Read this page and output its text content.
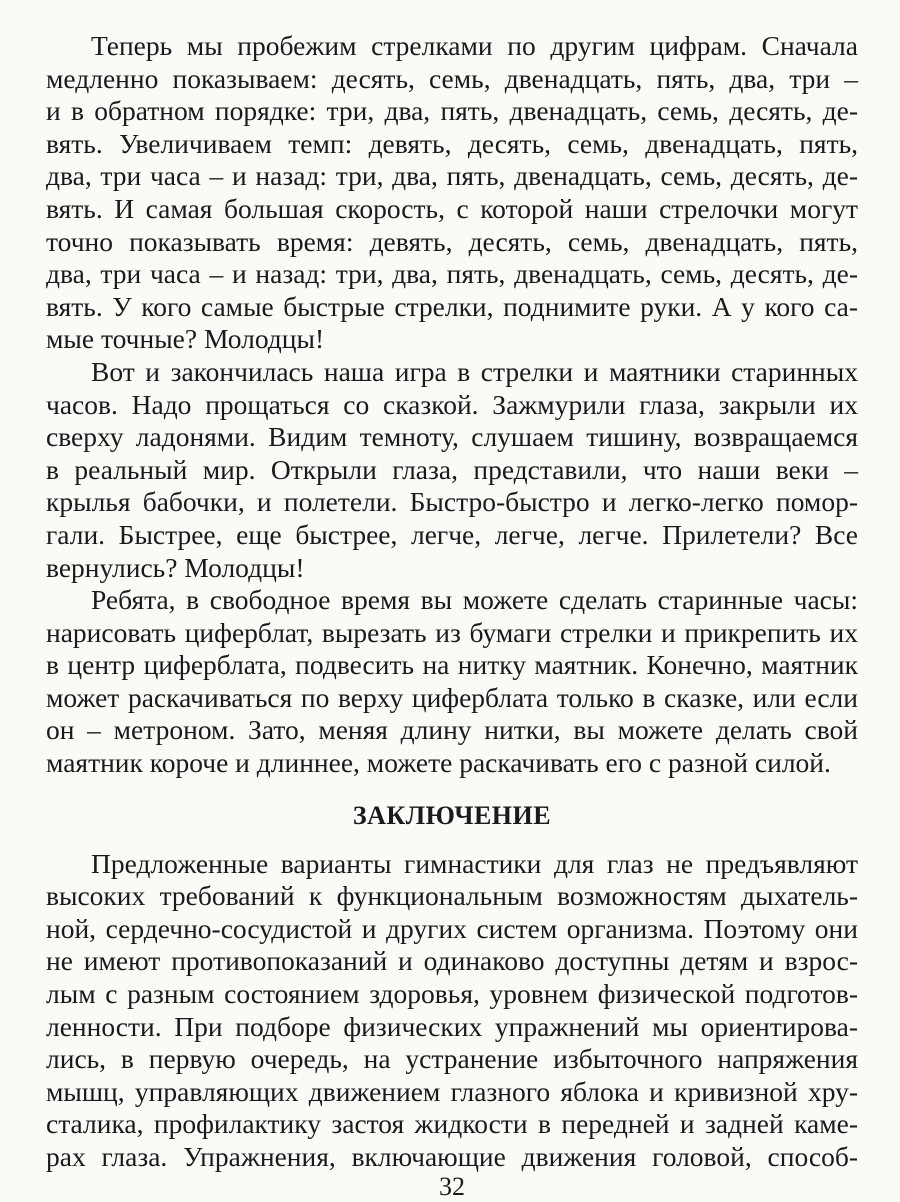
Теперь мы пробежим стрелками по другим цифрам. Сначала
медленно показываем: десять, семь, двенадцать, пять, два, три –
и в обратном порядке: три, два, пять, двенадцать, семь, десять, де-
вять. Увеличиваем темп: девять, десять, семь, двенадцать, пять,
два, три часа – и назад: три, два, пять, двенадцать, семь, десять, де-
вять. И самая большая скорость, с которой наши стрелочки могут
точно показывать время: девять, десять, семь, двенадцать, пять,
два, три часа – и назад: три, два, пять, двенадцать, семь, десять, де-
вять. У кого самые быстрые стрелки, поднимите руки. А у кого са-
мые точные? Молодцы!

Вот и закончилась наша игра в стрелки и маятники старинных
часов. Надо прощаться со сказкой. Зажмурили глаза, закрыли их
сверху ладонями. Видим темноту, слушаем тишину, возвращаемся
в реальный мир. Открыли глаза, представили, что наши веки –
крылья бабочки, и полетели. Быстро-быстро и легко-легко помор-
гали. Быстрее, еще быстрее, легче, легче, легче. Прилетели? Все
вернулись? Молодцы!

Ребята, в свободное время вы можете сделать старинные часы:
нарисовать циферблат, вырезать из бумаги стрелки и прикрепить их
в центр циферблата, подвесить на нитку маятник. Конечно, маятник
может раскачиваться по верху циферблата только в сказке, или если
он – метроном. Зато, меняя длину нитки, вы можете делать свой
маятник короче и длиннее, можете раскачивать его с разной силой.

ЗАКЛЮЧЕНИЕ

Предложенные варианты гимнастики для глаз не предъявляют
высоких требований к функциональным возможностям дыхатель-
ной, сердечно-сосудистой и других систем организма. Поэтому они
не имеют противопоказаний и одинаково доступны детям и взрос-
лым с разным состоянием здоровья, уровнем физической подготов-
ленности. При подборе физических упражнений мы ориентирова-
лись, в первую очередь, на устранение избыточного напряжения
мышц, управляющих движением глазного яблока и кривизной хру-
сталика, профилактику застоя жидкости в передней и задней каме-
рах глаза. Упражнения, включающие движения головой, способ-

32
